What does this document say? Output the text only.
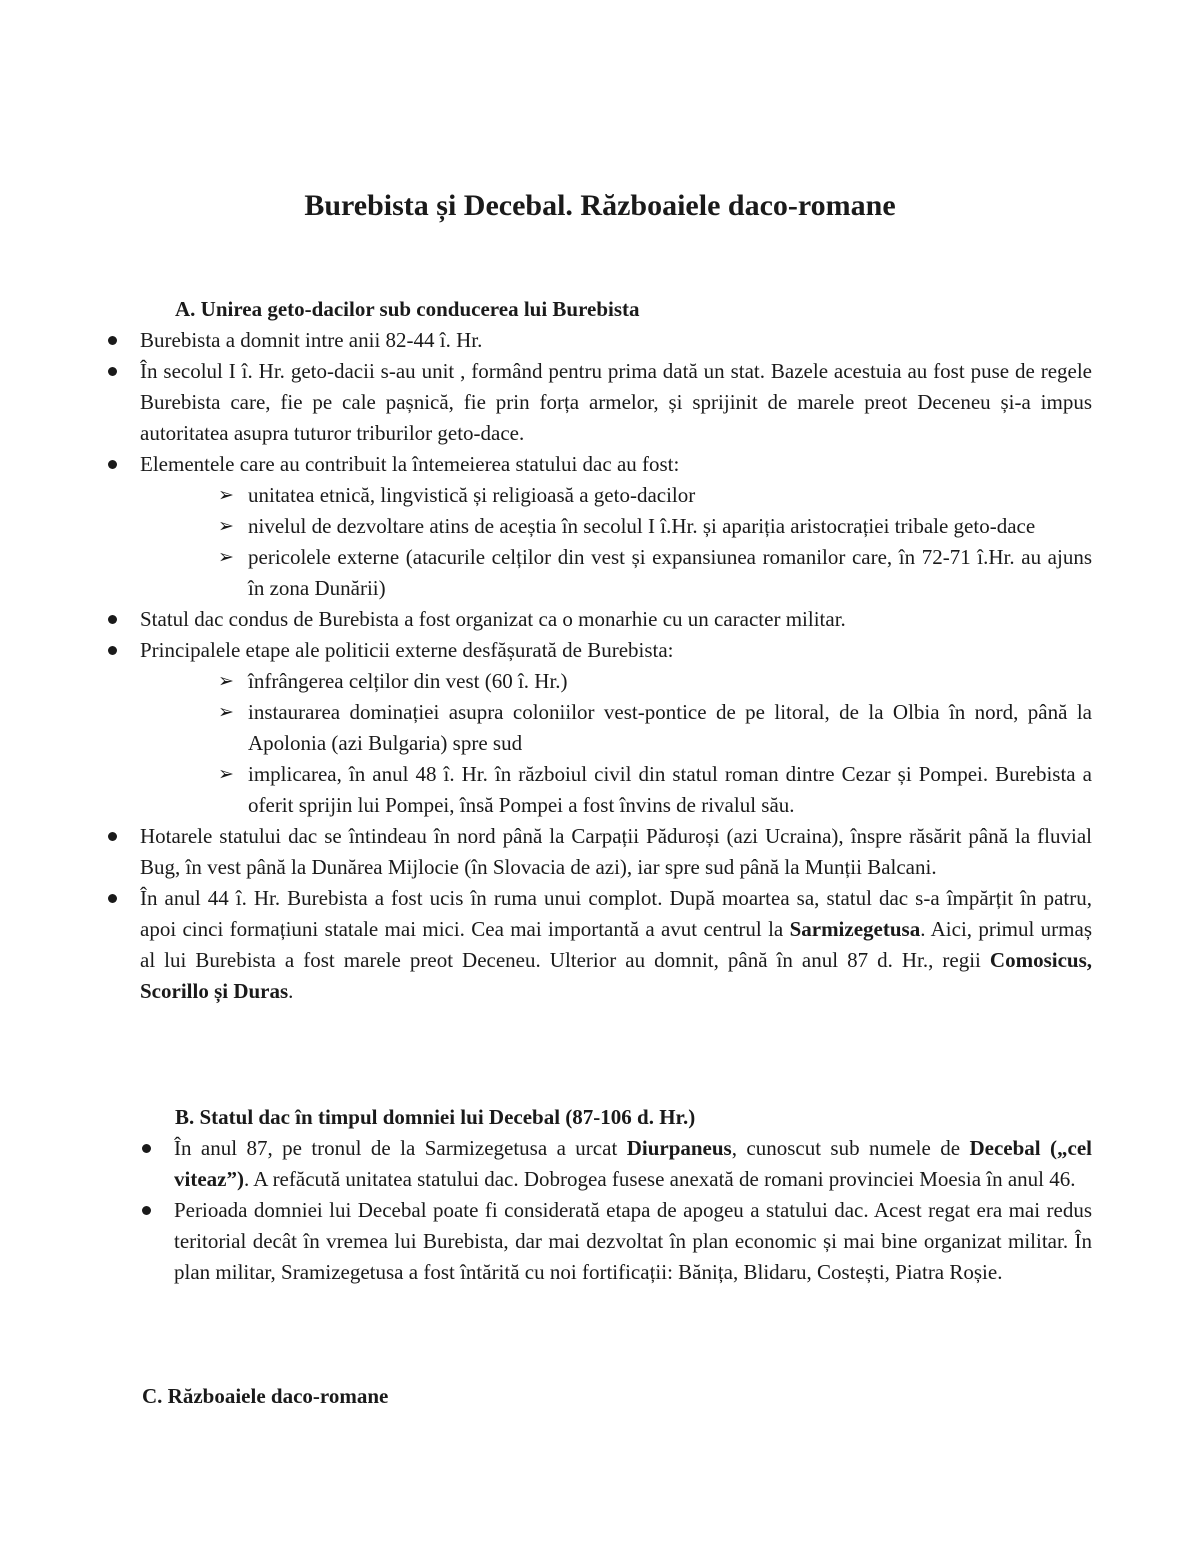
Burebista și Decebal. Războaiele daco-romane
A. Unirea geto-dacilor sub conducerea lui Burebista
Burebista a domnit intre anii 82-44 î. Hr.
În secolul I î. Hr. geto-dacii s-au unit , formând pentru prima dată un stat. Bazele acestuia au fost puse de regele Burebista care, fie pe cale pașnică, fie prin forța armelor, și sprijinit de marele preot Deceneu și-a impus autoritatea asupra tuturor triburilor geto-dace.
Elementele care au contribuit la întemeierea statului dac au fost:
➢ unitatea etnică, lingvistică și religioasă a geto-dacilor
➢ nivelul de dezvoltare atins de aceștia în secolul I î.Hr. și apariția aristocrației tribale geto-dace
➢ pericolele externe (atacurile celților din vest și expansiunea romanilor care, în 72-71 î.Hr. au ajuns în zona Dunării)
Statul dac condus de Burebista a fost organizat ca o monarhie cu un caracter militar.
Principalele etape ale politicii externe desfășurată de Burebista:
➢ înfrângerea celților din vest (60 î. Hr.)
➢ instaurarea dominației asupra coloniilor vest-pontice de pe litoral, de la Olbia în nord, până la Apolonia (azi Bulgaria) spre sud
➢ implicarea, în anul 48 î. Hr. în războiul civil din statul roman dintre Cezar și Pompei. Burebista a oferit sprijin lui Pompei, însă Pompei a fost învins de rivalul său.
Hotarele statului dac se întindeau în nord până la Carpații Păduroși (azi Ucraina), înspre răsărit până la fluvial Bug, în vest până la Dunărea Mijlocie (în Slovacia de azi), iar spre sud până la Munții Balcani.
În anul 44 î. Hr. Burebista a fost ucis în ruma unui complot. După moartea sa, statul dac s-a împărțit în patru, apoi cinci formațiuni statale mai mici. Cea mai importantă a avut centrul la Sarmizegetusa. Aici, primul urmaș al lui Burebista a fost marele preot Deceneu. Ulterior au domnit, până în anul 87 d. Hr., regii Comosicus, Scorillo și Duras.
B. Statul dac în timpul domniei lui Decebal (87-106 d. Hr.)
În anul 87, pe tronul de la Sarmizegetusa a urcat Diurpaneus, cunoscut sub numele de Decebal („cel viteaz”). A refăcută unitatea statului dac. Dobrogea fusese anexată de romani provinciei Moesia în anul 46.
Perioada domniei lui Decebal poate fi considerată etapa de apogeu a statului dac. Acest regat era mai redus teritorial decât în vremea lui Burebista, dar mai dezvoltat în plan economic și mai bine organizat militar. În plan militar, Sramizegetusa a fost întărită cu noi fortificații: Bănița, Blidaru, Costești, Piatra Roșie.
C. Războaiele daco-romane
